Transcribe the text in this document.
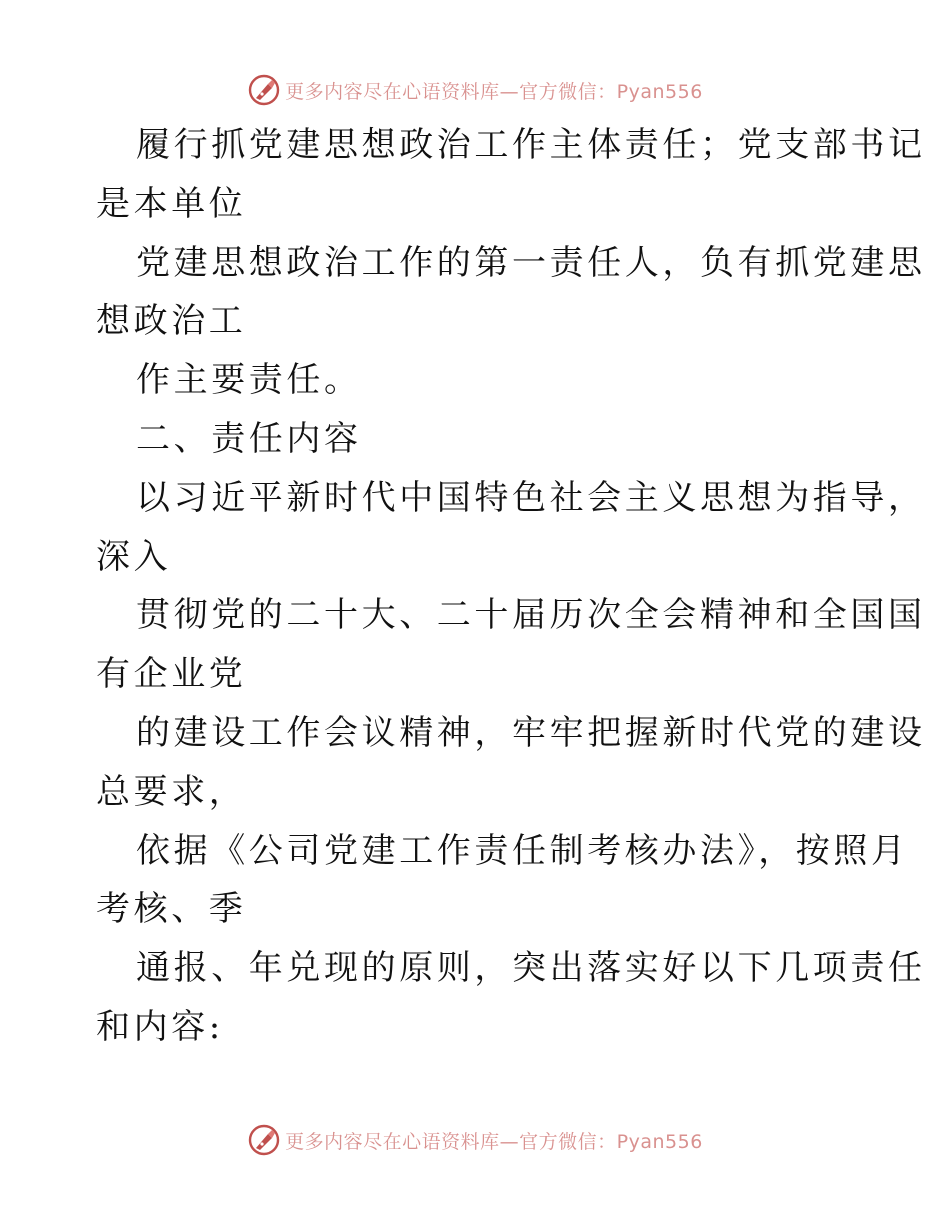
更多内容尽在心语资料库—官方微信：Pyan556
履行抓党建思想政治工作主体责任；党支部书记
是本单位
党建思想政治工作的第一责任人，负有抓党建思
想政治工
作主要责任。
二、责任内容
以习近平新时代中国特色社会主义思想为指导，
深入
贯彻党的二十大、二十届历次全会精神和全国国
有企业党
的建设工作会议精神，牢牢把握新时代党的建设
总要求，
依据《公司党建工作责任制考核办法》，按照月
考核、季
通报、年兑现的原则，突出落实好以下几项责任
和内容:
更多内容尽在心语资料库—官方微信：Pyan556
